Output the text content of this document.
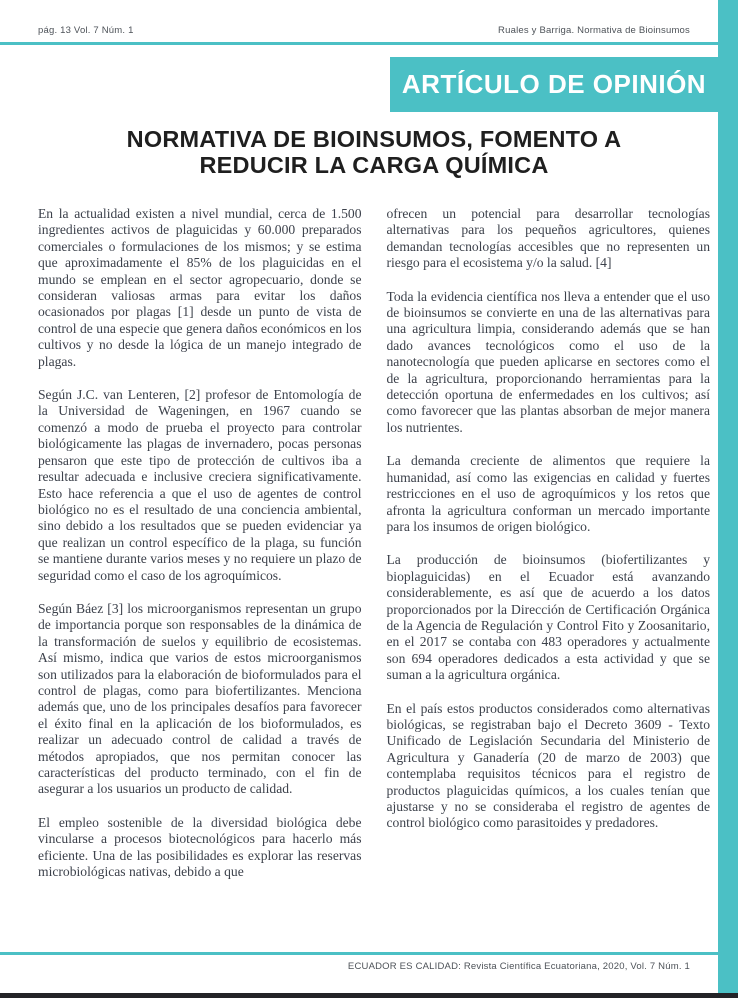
pág. 13 Vol. 7 Núm. 1	Ruales y Barriga. Normativa de Bioinsumos
ARTÍCULO DE OPINIÓN
NORMATIVA DE BIOINSUMOS, FOMENTO A
REDUCIR LA CARGA QUÍMICA

En la actualidad existen a nivel mundial, cerca de 1.500 ingredientes activos de plaguicidas y 60.000 preparados comerciales o formulaciones de los mismos; y se estima que aproximadamente el 85% de los plaguicidas en el mundo se emplean en el sector agropecuario, donde se consideran valiosas armas para evitar los daños ocasionados por plagas [1] desde un punto de vista de control de una especie que genera daños económicos en los cultivos y no desde la lógica de un manejo integrado de plagas.

Según J.C. van Lenteren, [2] profesor de Entomología de la Universidad de Wageningen, en 1967 cuando se comenzó a modo de prueba el proyecto para controlar biológicamente las plagas de invernadero, pocas personas pensaron que este tipo de protección de cultivos iba a resultar adecuada e inclusive creciera significativamente. Esto hace referencia a que el uso de agentes de control biológico no es el resultado de una conciencia ambiental, sino debido a los resultados que se pueden evidenciar ya que realizan un control específico de la plaga, su función se mantiene durante varios meses y no requiere un plazo de seguridad como el caso de los agroquímicos.

Según Báez [3] los microorganismos representan un grupo de importancia porque son responsables de la dinámica de la transformación de suelos y equilibrio de ecosistemas. Así mismo, indica que varios de estos microorganismos son utilizados para la elaboración de bioformulados para el control de plagas, como para biofertilizantes. Menciona además que, uno de los principales desafíos para favorecer el éxito final en la aplicación de los bioformulados, es realizar un adecuado control de calidad a través de métodos apropiados, que nos permitan conocer las características del producto terminado, con el fin de asegurar a los usuarios un producto de calidad.

El empleo sostenible de la diversidad biológica debe vincularse a procesos biotecnológicos para hacerlo más eficiente. Una de las posibilidades es explorar las reservas microbiológicas nativas, debido a que

ofrecen un potencial para desarrollar tecnologías alternativas para los pequeños agricultores, quienes demandan tecnologías accesibles que no representen un riesgo para el ecosistema y/o la salud. [4]

Toda la evidencia científica nos lleva a entender que el uso de bioinsumos se convierte en una de las alternativas para una agricultura limpia, considerando además que se han dado avances tecnológicos como el uso de la nanotecnología que pueden aplicarse en sectores como el de la agricultura, proporcionando herramientas para la detección oportuna de enfermedades en los cultivos; así como favorecer que las plantas absorban de mejor manera los nutrientes.

La demanda creciente de alimentos que requiere la humanidad, así como las exigencias en calidad y fuertes restricciones en el uso de agroquímicos y los retos que afronta la agricultura conforman un mercado importante para los insumos de origen biológico.

La producción de bioinsumos (biofertilizantes y bioplaguicidas) en el Ecuador está avanzando considerablemente, es así que de acuerdo a los datos proporcionados por la Dirección de Certificación Orgánica de la Agencia de Regulación y Control Fito y Zoosanitario, en el 2017 se contaba con 483 operadores y actualmente son 694 operadores dedicados a esta actividad y que se suman a la agricultura orgánica.

En el país estos productos considerados como alternativas biológicas, se registraban bajo el Decreto 3609 - Texto Unificado de Legislación Secundaria del Ministerio de Agricultura y Ganadería (20 de marzo de 2003) que contemplaba requisitos técnicos para el registro de productos plaguicidas químicos, a los cuales tenían que ajustarse y no se consideraba el registro de agentes de control biológico como parasitoides y predadores.

ECUADOR ES CALIDAD: Revista Científica Ecuatoriana, 2020, Vol. 7 Núm. 1
